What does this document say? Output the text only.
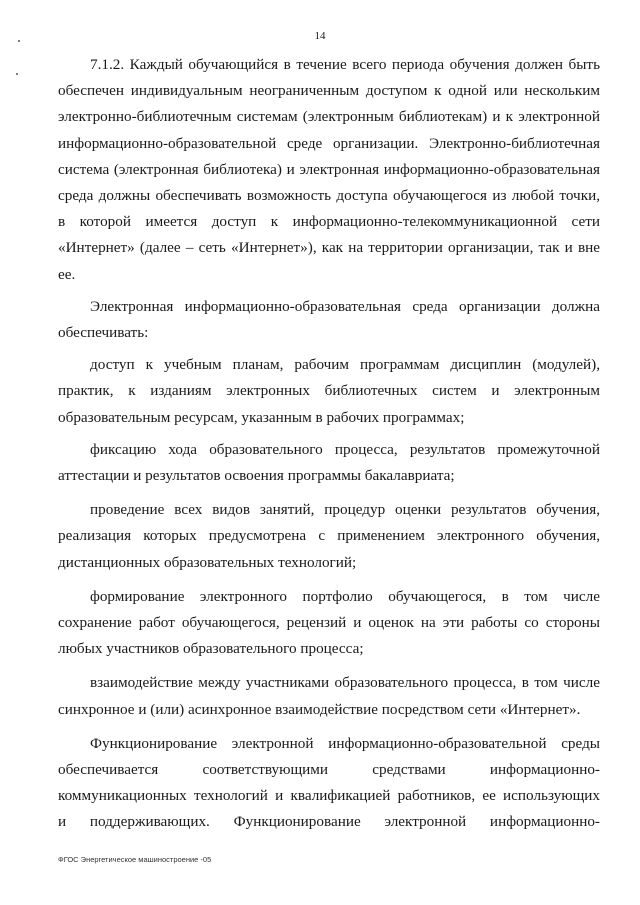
14
7.1.2. Каждый обучающийся в течение всего периода обучения должен быть
обеспечен индивидуальным неограниченным доступом к одной или нескольким
электронно-библиотечным системам (электронным библиотекам) и к электронной
информационно-образовательной среде организации. Электронно-библиотечная
система (электронная библиотека) и электронная информационно-образовательная
среда должны обеспечивать возможность доступа обучающегося из любой точки,
в которой имеется доступ к информационно-телекоммуникационной сети
«Интернет» (далее – сеть «Интернет»), как на территории организации, так и вне ее.
Электронная информационно-образовательная среда организации должна
обеспечивать:
доступ к учебным планам, рабочим программам дисциплин (модулей),
практик, к изданиям электронных библиотечных систем и электронным
образовательным ресурсам, указанным в рабочих программах;
фиксацию хода образовательного процесса, результатов промежуточной
аттестации и результатов освоения программы бакалавриата;
проведение всех видов занятий, процедур оценки результатов обучения,
реализация которых предусмотрена с применением электронного обучения,
дистанционных образовательных технологий;
формирование электронного портфолио обучающегося, в том числе
сохранение работ обучающегося, рецензий и оценок на эти работы со стороны
любых участников образовательного процесса;
взаимодействие между участниками образовательного процесса, в том числе
синхронное и (или) асинхронное взаимодействие посредством сети «Интернет».
Функционирование электронной информационно-образовательной среды
обеспечивается соответствующими средствами информационно-
коммуникационных технологий и квалификацией работников, ее использующих
и поддерживающих. Функционирование электронной информационно-
ФГОС Энергетическое машиностроение -05
